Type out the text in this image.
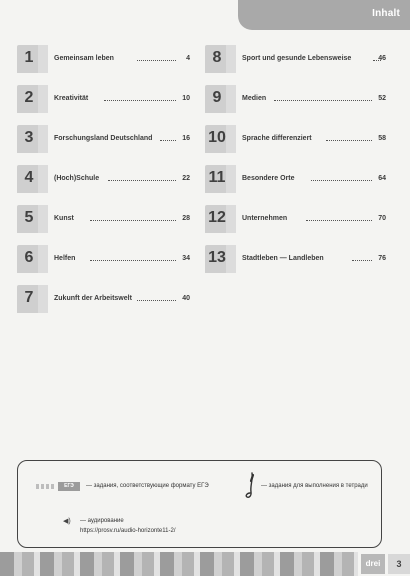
Inhalt
1	Gemeinsam leben	4
2	Kreativität	10
3	Forschungsland Deutschland	16
4	(Hoch)Schule	22
5	Kunst	28
6	Helfen	34
7	Zukunft der Arbeitswelt	40
8	Sport und gesunde Lebensweise	46
9	Medien	52
10	Sprache differenziert	58
11	Besondere Orte	64
12	Unternehmen	70
13	Stadtleben — Landleben	76
ЕГЭ	— задания, соответствующие формату ЕГЭ	— задания для выполнения в тетради
◀) — аудирование
https://prosv.ru/audio-horizonte11-2/
drei	3
